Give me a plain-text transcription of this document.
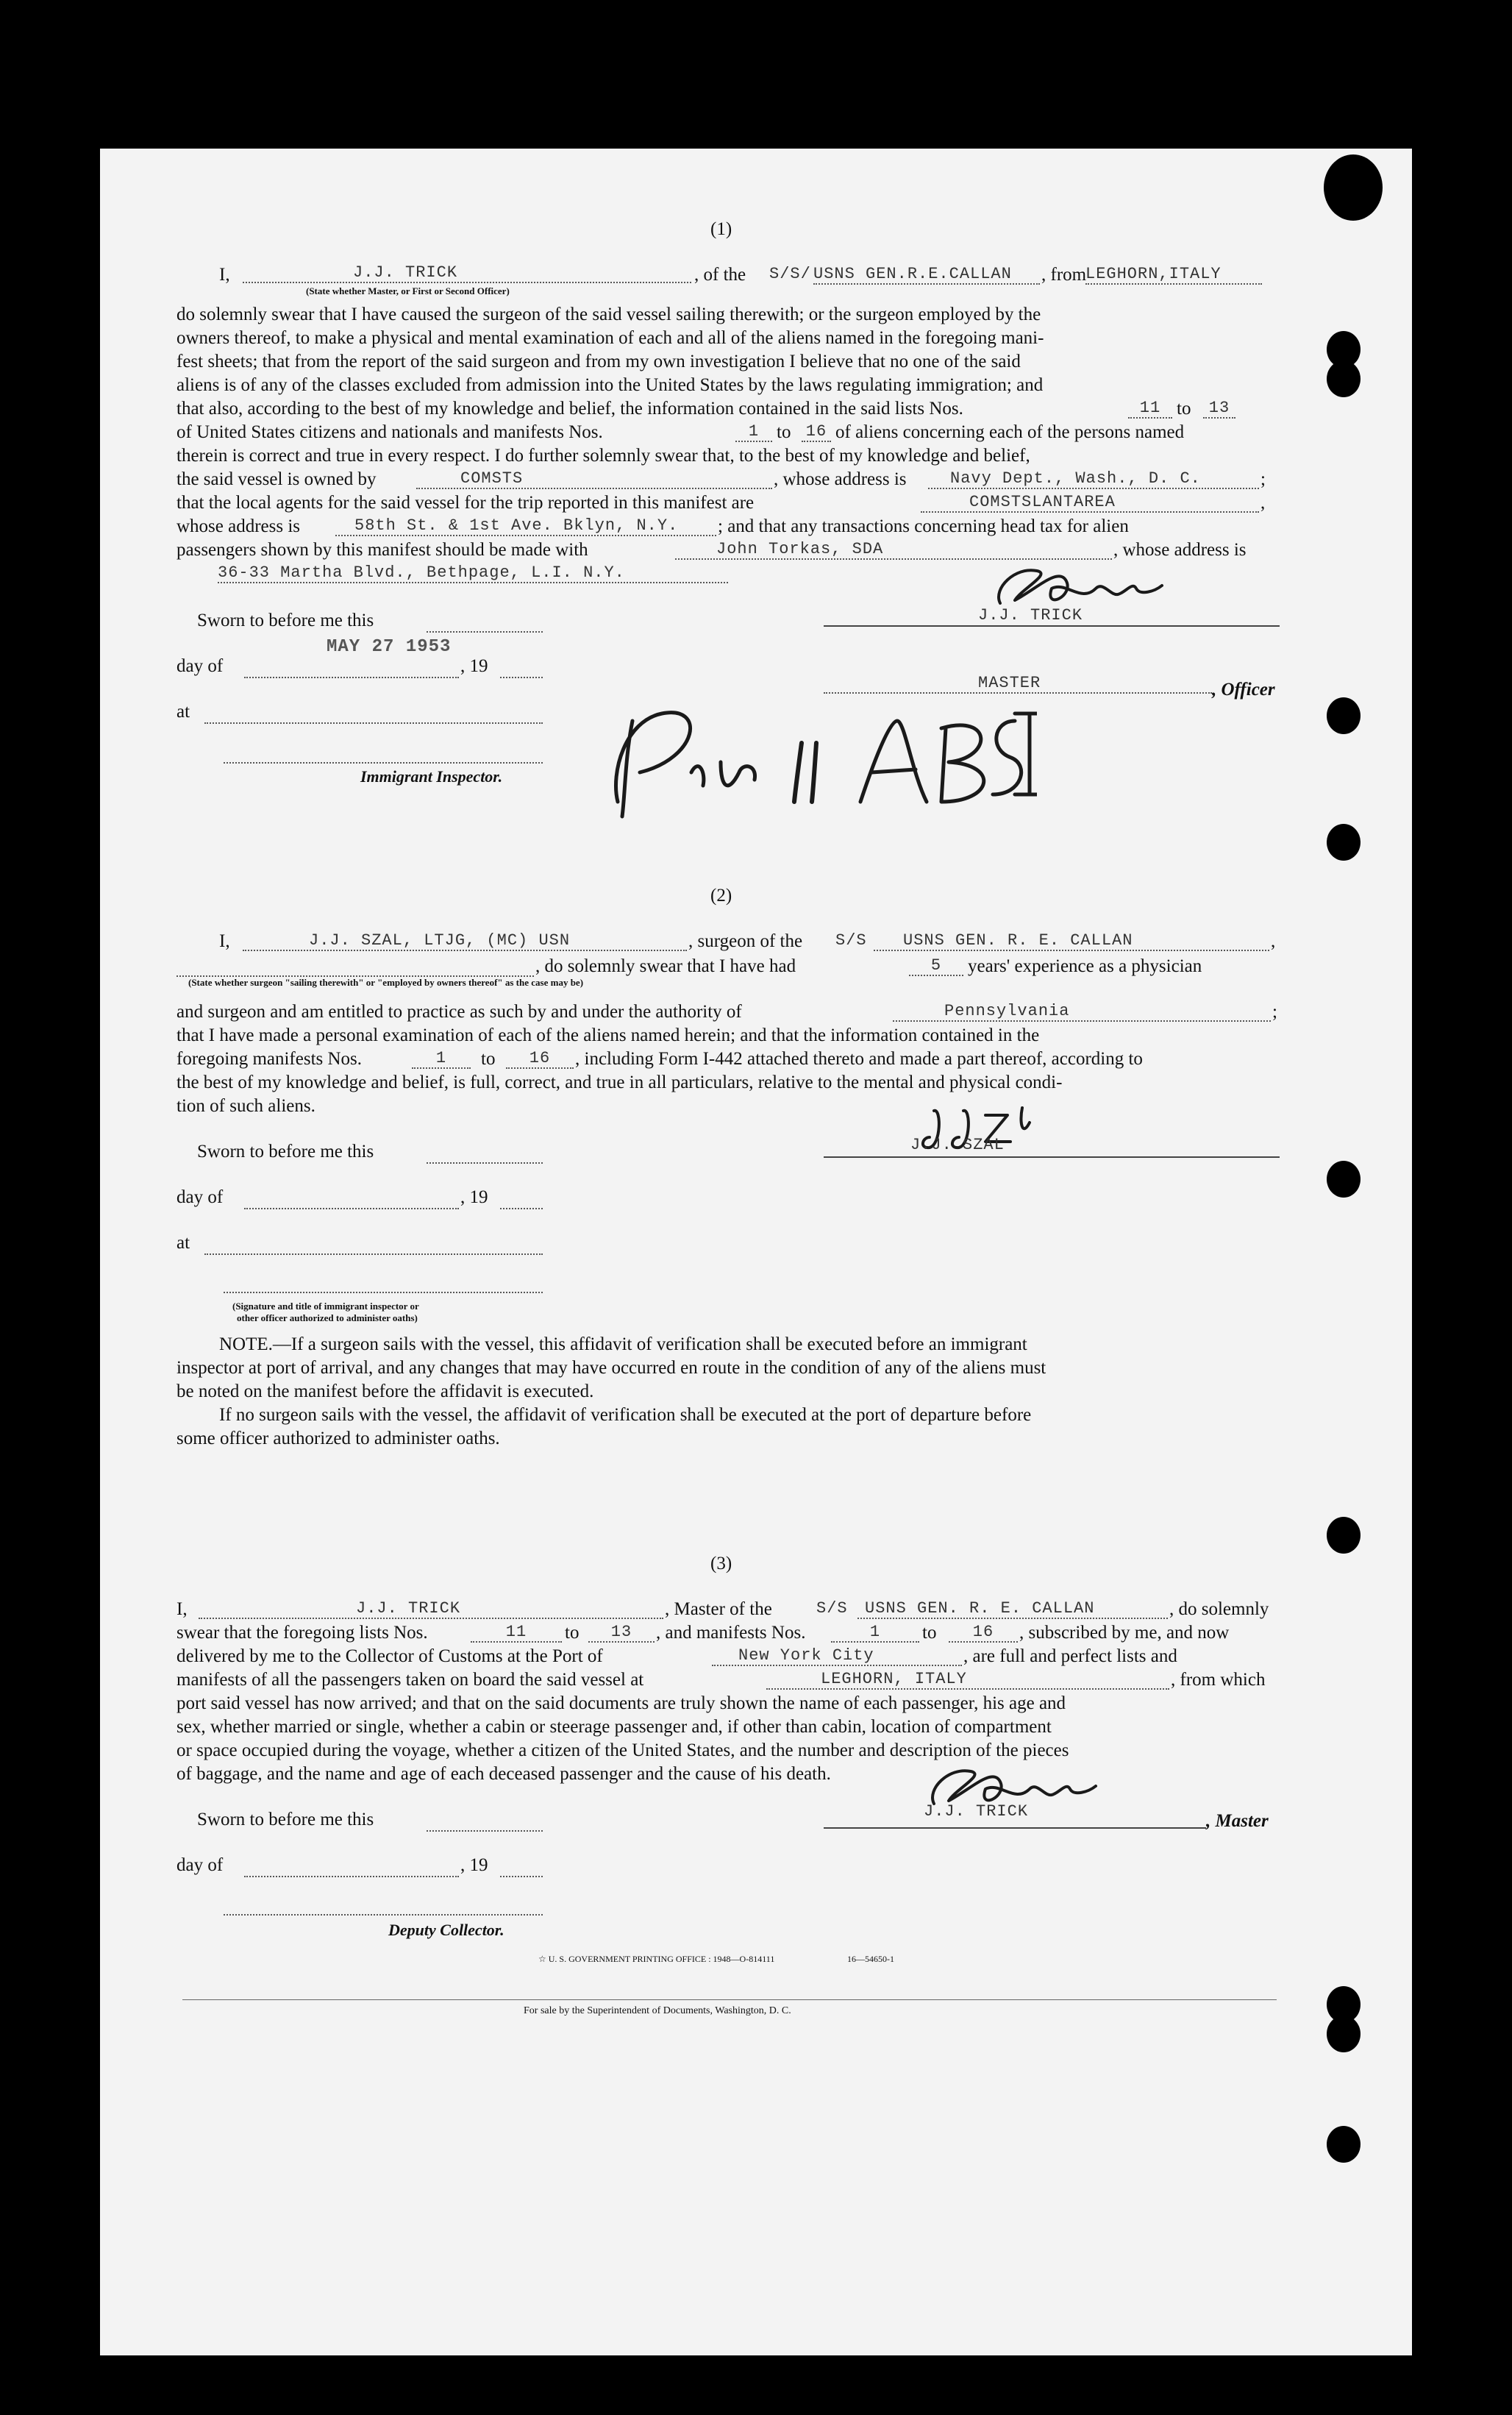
(1)
I,	J.J. TRICK	, of the S/S/ USNS GEN.R.E.CALLAN	, from
LEGHORN,ITALY
(State whether Master, or First or Second Officer)
do solemnly swear that I have caused the surgeon of the said vessel sailing therewith; or the surgeon employed by the
owners thereof, to make a physical and mental examination of each and all of the aliens named in the foregoing mani-
fest sheets; that from the report of the said surgeon and from my own investigation I believe that no one of the said
aliens is of any of the classes excluded from admission into the United States by the laws regulating immigration; and
that also, according to the best of my knowledge and belief, the information contained in the said lists Nos.	11 to	13
of United States citizens and nationals and manifests Nos.	1 to 16 of aliens concerning each of the persons named
therein is correct and true in every respect. I do further solemnly swear that, to the best of my knowledge and belief,
the said vessel is owned by	COMSTS	, whose address is	Navy Dept., Wash., D. C.	;
that the local agents for the said vessel for the trip reported in this manifest are	COMSTSLANTAREA	,
whose address is	58th St. & 1st Ave. Bklyn, N.Y.	; and that any transactions concerning head tax for alien
passengers shown by this manifest should be made with	John Torkas, SDA	, whose address is
36-33 Martha Blvd., Bethpage, L.I. N.Y.
Sworn to before me this
day of
MAY 27 1953
, 19
at
Immigrant Inspector.
J.J. TRICK
MASTER	, Officer
(2)
I,	J.J. SZAL, LTJG, (MC) USN	, surgeon of the S/S	USNS GEN. R. E. CALLAN	,
, do solemnly swear that I have had	5	years' experience as a physician
(State whether surgeon "sailing therewith" or "employed by owners thereof" as the case may be)
and surgeon and am entitled to practice as such by and under the authority of	Pennsylvania	;
that I have made a personal examination of each of the aliens named herein; and that the information contained in the
foregoing manifests Nos.	1	to	16	, including Form I-442 attached thereto and made a part thereof, according to
the best of my knowledge and belief, is full, correct, and true in all particulars, relative to the mental and physical condi-
tion of such aliens.
Sworn to before me this
day of	, 19
at
(Signature and title of immigrant inspector or
other officer authorized to administer oaths)
J.J. SZAL
NOTE.—If a surgeon sails with the vessel, this affidavit of verification shall be executed before an immigrant
inspector at port of arrival, and any changes that may have occurred en route in the condition of any of the aliens must
be noted on the manifest before the affidavit is executed.
If no surgeon sails with the vessel, the affidavit of verification shall be executed at the port of departure before
some officer authorized to administer oaths.
(3)
I,	J.J. TRICK	, Master of the	S/S	USNS GEN. R. E. CALLAN	, do solemnly
swear that the foregoing lists Nos.	11	to	13	, and manifests Nos.	1	to	16	, subscribed by me, and now
delivered by me to the Collector of Customs at the Port of	New York City	, are full and perfect lists and
manifests of all the passengers taken on board the said vessel at	LEGHORN, ITALY	, from which
port said vessel has now arrived; and that on the said documents are truly shown the name of each passenger, his age and
sex, whether married or single, whether a cabin or steerage passenger and, if other than cabin, location of compartment
or space occupied during the voyage, whether a citizen of the United States, and the number and description of the pieces
of baggage, and the name and age of each deceased passenger and the cause of his death.
Sworn to before me this
day of	, 19
Deputy Collector.
J.J. TRICK	, Master
☆ U. S. GOVERNMENT PRINTING OFFICE : 1948—O-814111	16—54650-1
For sale by the Superintendent of Documents, Washington, D. C.
